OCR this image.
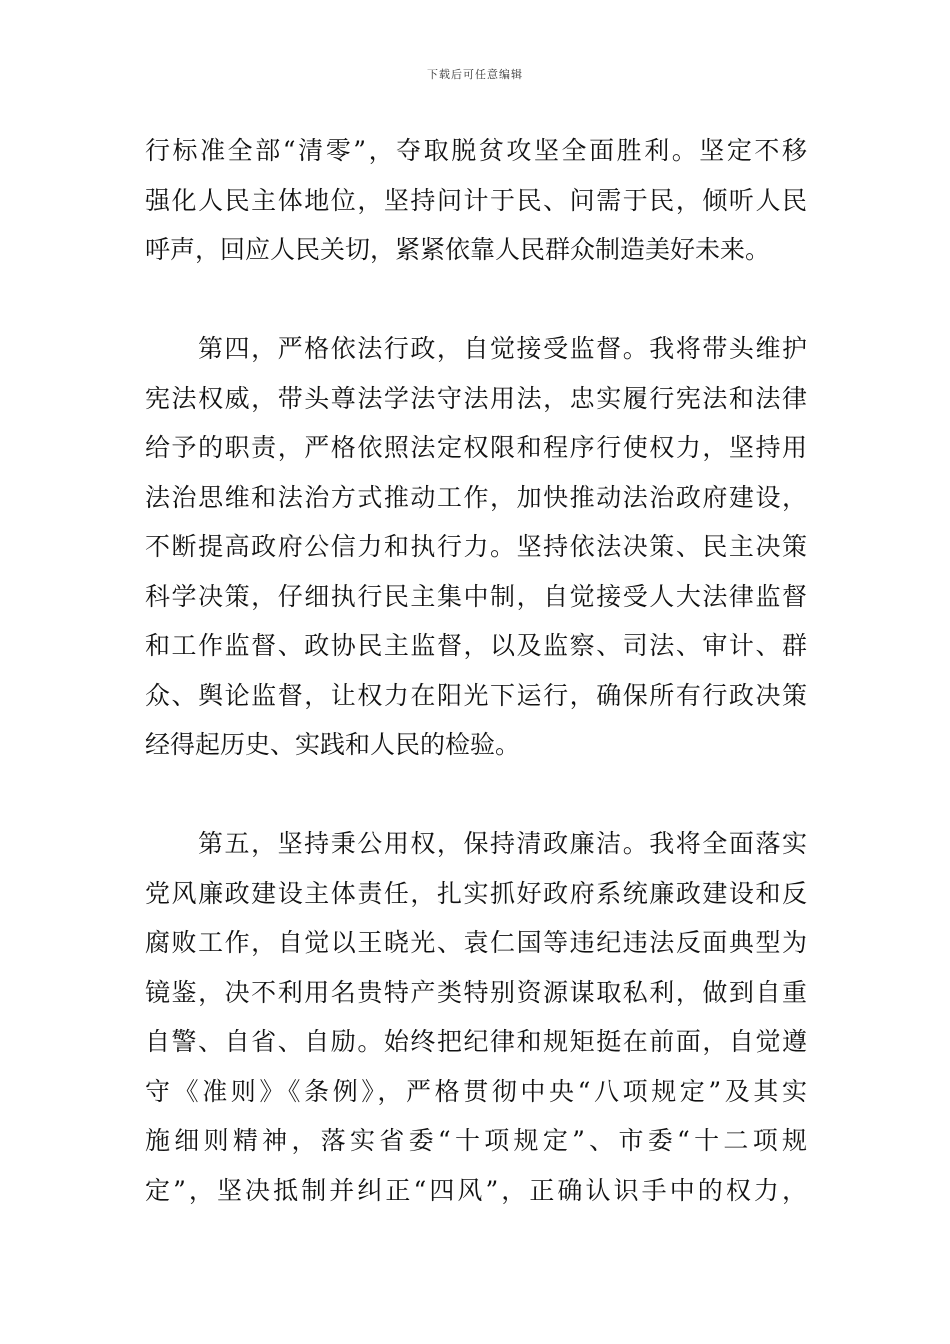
下载后可任意编辑
行标准全部“清零”，夺取脱贫攻坚全面胜利。坚定不移
强化人民主体地位，坚持问计于民、问需于民，倾听人民
呼声，回应人民关切，紧紧依靠人民群众制造美好未来。
第四，严格依法行政，自觉接受监督。我将带头维护
宪法权威，带头尊法学法守法用法，忠实履行宪法和法律
给予的职责，严格依照法定权限和程序行使权力，坚持用
法治思维和法治方式推动工作，加快推动法治政府建设，
不断提高政府公信力和执行力。坚持依法决策、民主决策
科学决策，仔细执行民主集中制，自觉接受人大法律监督
和工作监督、政协民主监督，以及监察、司法、审计、群
众、舆论监督，让权力在阳光下运行，确保所有行政决策
经得起历史、实践和人民的检验。
第五，坚持秉公用权，保持清政廉洁。我将全面落实
党风廉政建设主体责任，扎实抓好政府系统廉政建设和反
腐败工作，自觉以王晓光、袁仁国等违纪违法反面典型为
镜鉴，决不利用名贵特产类特别资源谋取私利，做到自重
自警、自省、自励。始终把纪律和规矩挺在前面，自觉遵
守《准则》《条例》，严格贯彻中央“八项规定”及其实
施细则精神，落实省委“十项规定”、市委“十二项规
定”，坚决抵制并纠正“四风”，正确认识手中的权力，
